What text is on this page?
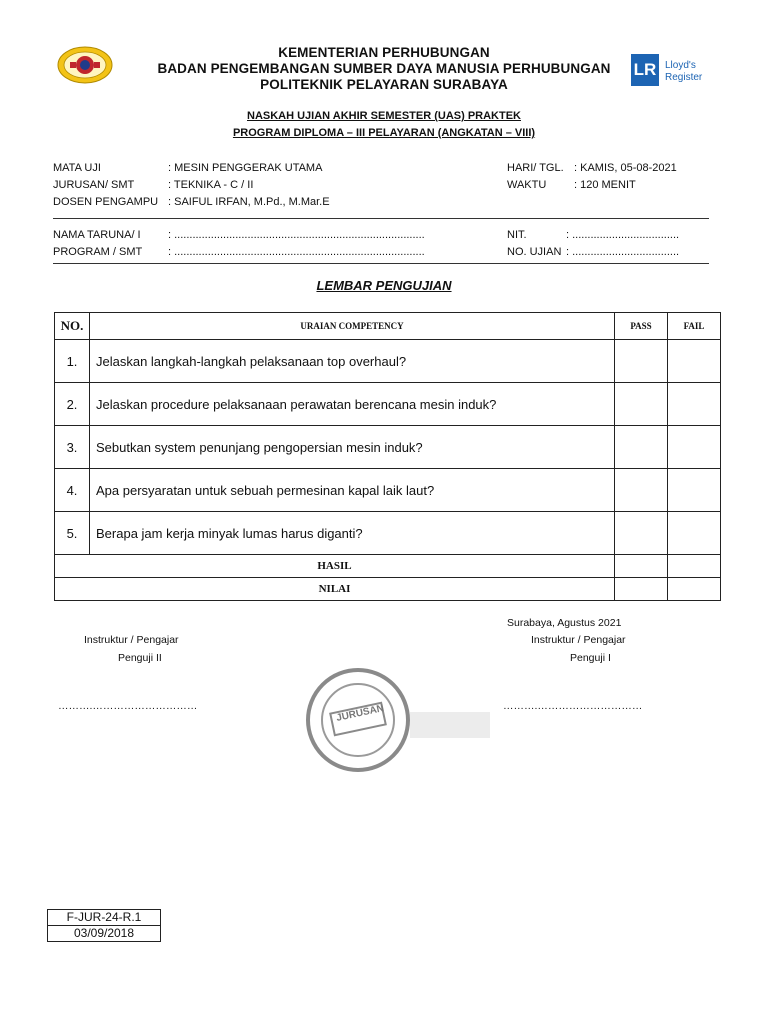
KEMENTERIAN PERHUBUNGAN
BADAN PENGEMBANGAN SUMBER DAYA MANUSIA PERHUBUNGAN
POLITEKNIK PELAYARAN SURABAYA
LR Lloyd's
Register
NASKAH UJIAN AKHIR SEMESTER (UAS) PRAKTEK
PROGRAM DIPLOMA – III PELAYARAN (ANGKATAN – VIII)
MATA UJI	: MESIN PENGGERAK UTAMA
JURUSAN/ SMT	: TEKNIKA - C / II
DOSEN PENGAMPU : SAIFUL IRFAN, M.Pd., M.Mar.E
HARI/ TGL. : KAMIS, 05-08-2021
WAKTU	: 120 MENIT
NAMA TARUNA/ I : ..................................................................................
PROGRAM / SMT : ..................................................................................
NIT.	: ...................................
NO. UJIAN : ...................................
LEMBAR PENGUJIAN
NO.	URAIAN COMPETENCY	PASS	FAIL
1.	Jelaskan langkah-langkah pelaksanaan top overhaul?		
2.	Jelaskan procedure pelaksanaan perawatan berencana mesin induk?		
3.	Sebutkan system penunjang pengopersian mesin induk?		
4.	Apa persyaratan untuk sebuah permesinan kapal laik laut?		
5.	Berapa jam kerja minyak lumas harus diganti?		
HASIL			
NILAI			
Surabaya, Agustus 2021
Instruktur / Pengajar
Penguji II
Instruktur / Pengajar
Penguji I
……….…………………………	……….…………………………
JURUSAN
F-JUR-24-R.1
03/09/2018
